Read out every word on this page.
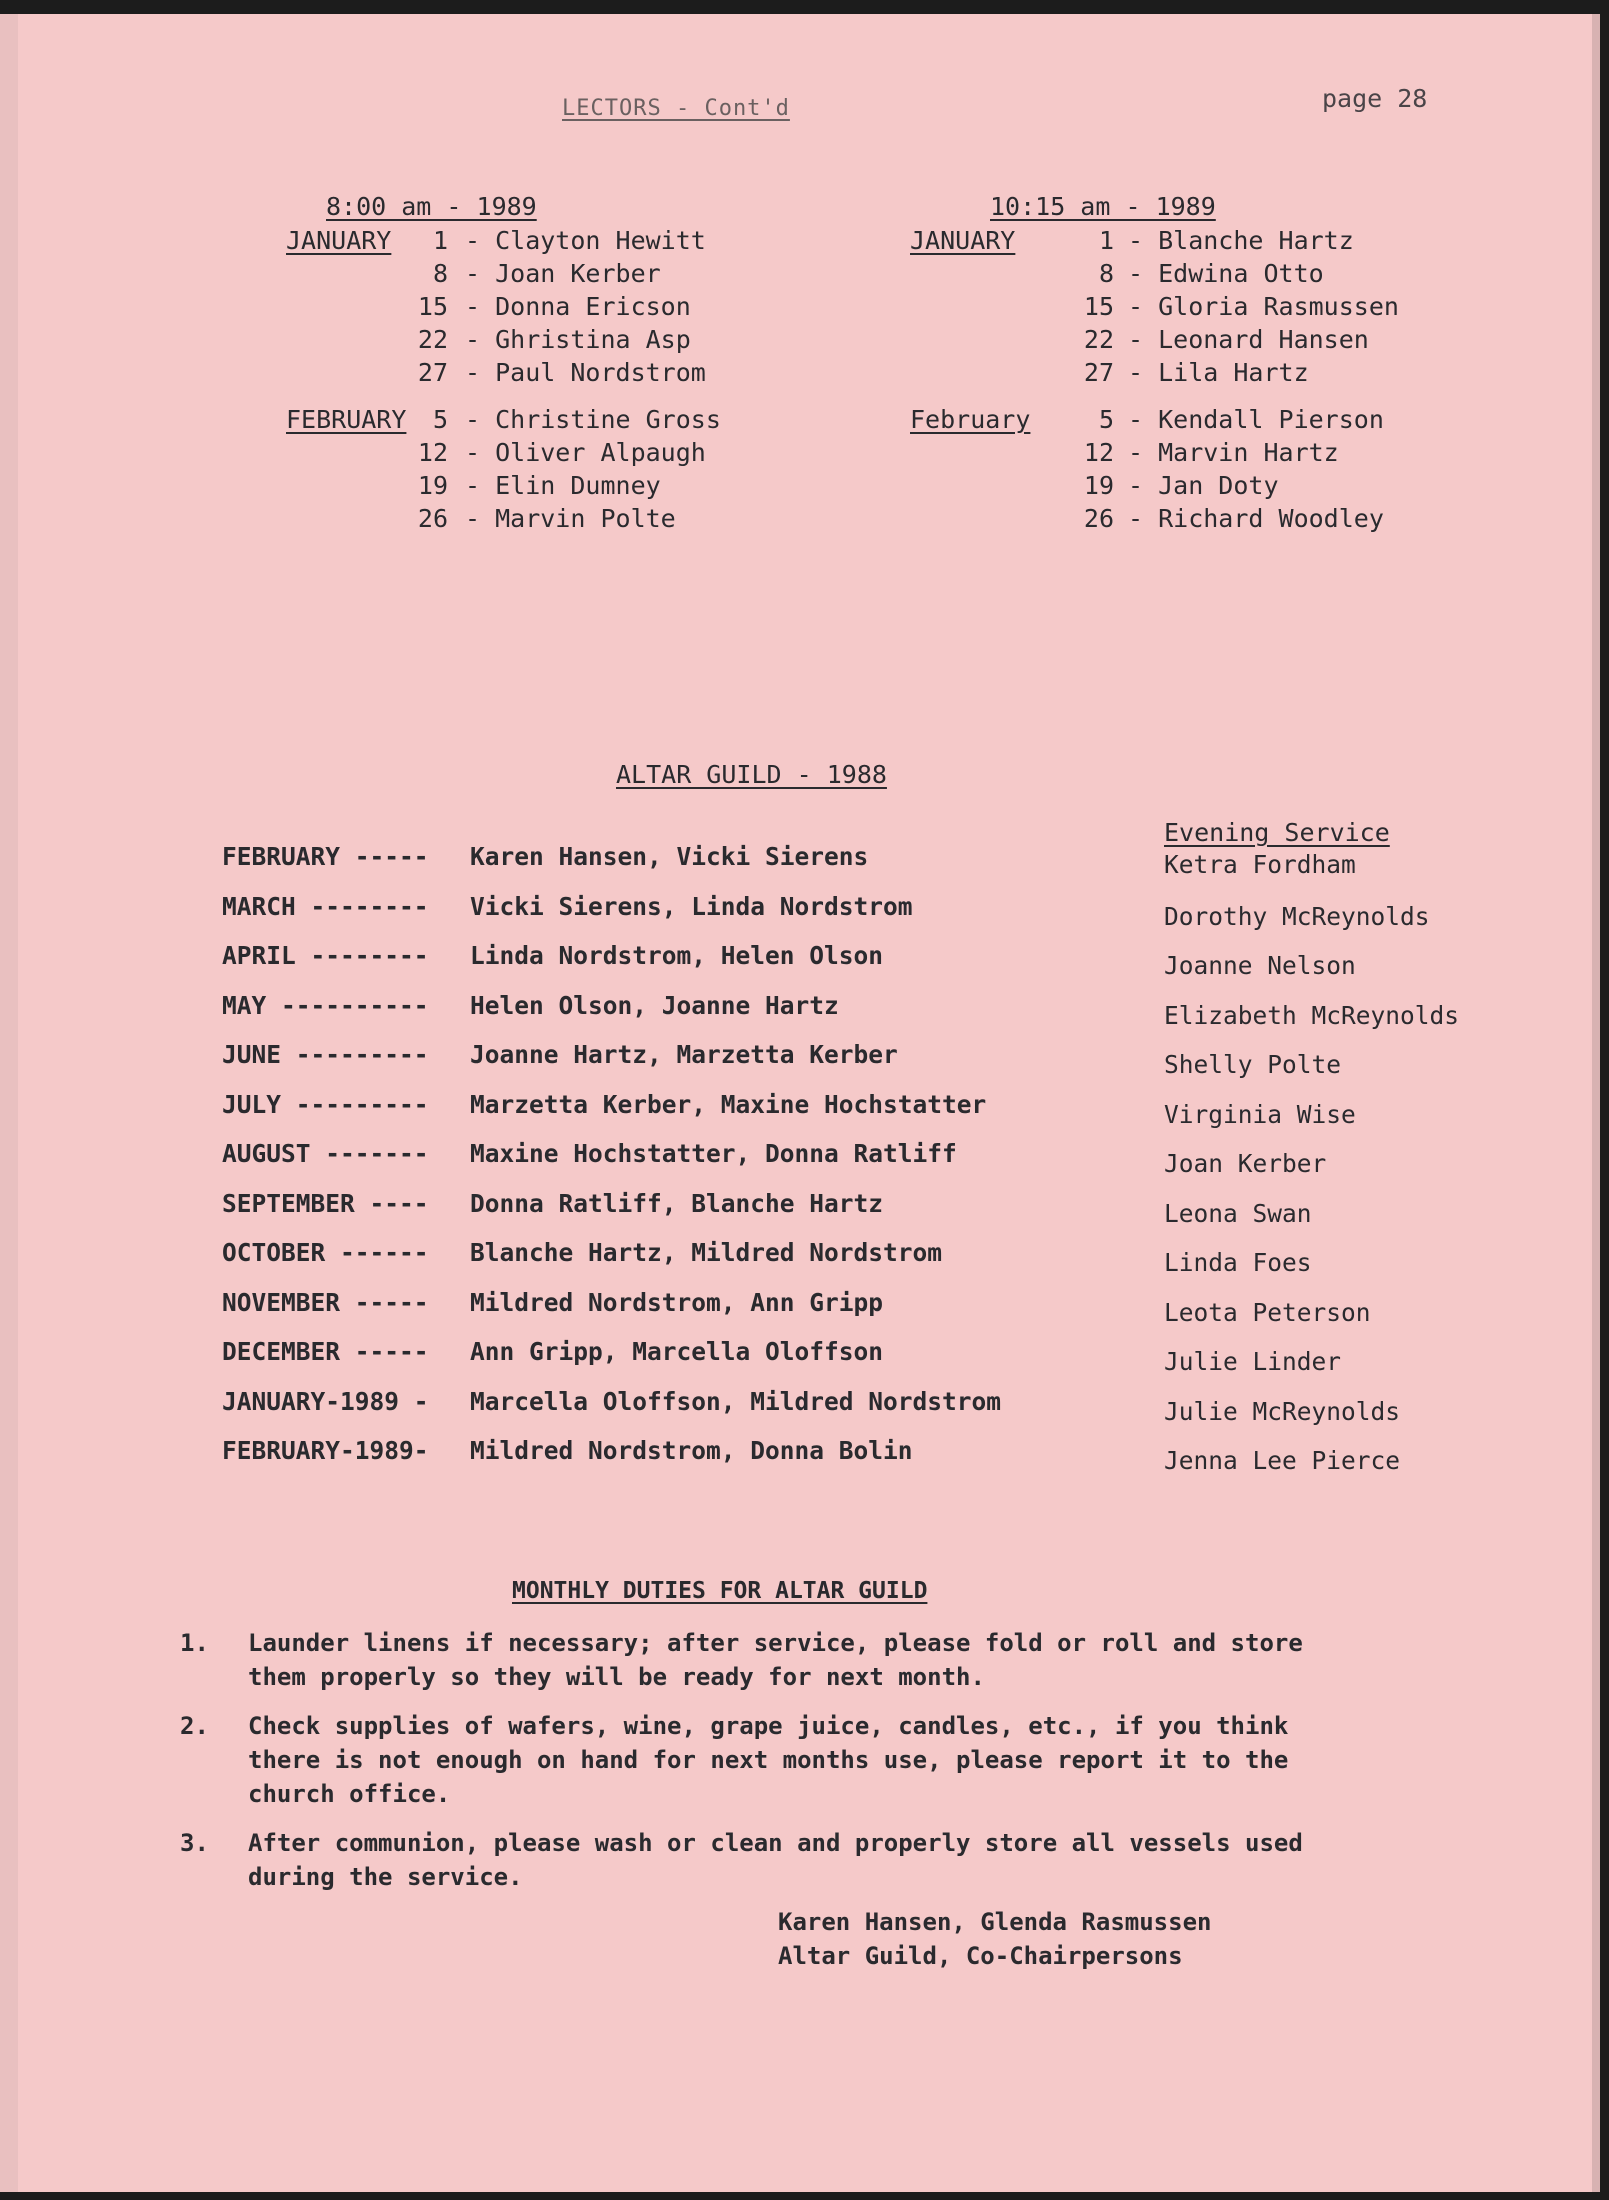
LECTORS - Cont'd	page 28
8:00 am - 1989
JANUARY	1 - Clayton Hewitt
8 - Joan Kerber
15 - Donna Ericson
22 - Ghristina Asp
27 - Paul Nordstrom
FEBRUARY	5 - Christine Gross
12 - Oliver Alpaugh
19 - Elin Dumney
26 - Marvin Polte
10:15 am - 1989
JANUARY	1 - Blanche Hartz
8 - Edwina Otto
15 - Gloria Rasmussen
22 - Leonard Hansen
27 - Lila Hartz
February	5 - Kendall Pierson
12 - Marvin Hartz
19 - Jan Doty
26 - Richard Woodley
ALTAR GUILD - 1988
Evening Service
FEBRUARY ----- Karen Hansen, Vicki Sierens	Ketra Fordham
MARCH -------- Vicki Sierens, Linda Nordstrom	Dorothy McReynolds
APRIL -------- Linda Nordstrom, Helen Olson	Joanne Nelson
MAY ---------- Helen Olson, Joanne Hartz	Elizabeth McReynolds
JUNE --------- Joanne Hartz, Marzetta Kerber	Shelly Polte
JULY --------- Marzetta Kerber, Maxine Hochstatter	Virginia Wise
AUGUST ------- Maxine Hochstatter, Donna Ratliff	Joan Kerber
SEPTEMBER ---- Donna Ratliff, Blanche Hartz	Leona Swan
OCTOBER ------ Blanche Hartz, Mildred Nordstrom	Linda Foes
NOVEMBER ----- Mildred Nordstrom, Ann Gripp	Leota Peterson
DECEMBER ----- Ann Gripp, Marcella Oloffson	Julie Linder
JANUARY-1989 - Marcella Oloffson, Mildred Nordstrom	Julie McReynolds
FEBRUARY-1989- Mildred Nordstrom, Donna Bolin	Jenna Lee Pierce
MONTHLY DUTIES FOR ALTAR GUILD
1. Launder linens if necessary; after service, please fold or roll and store them properly so they will be ready for next month.
2. Check supplies of wafers, wine, grape juice, candles, etc., if you think there is not enough on hand for next months use, please report it to the church office.
3. After communion, please wash or clean and properly store all vessels used during the service.
Karen Hansen, Glenda Rasmussen
Altar Guild, Co-Chairpersons
